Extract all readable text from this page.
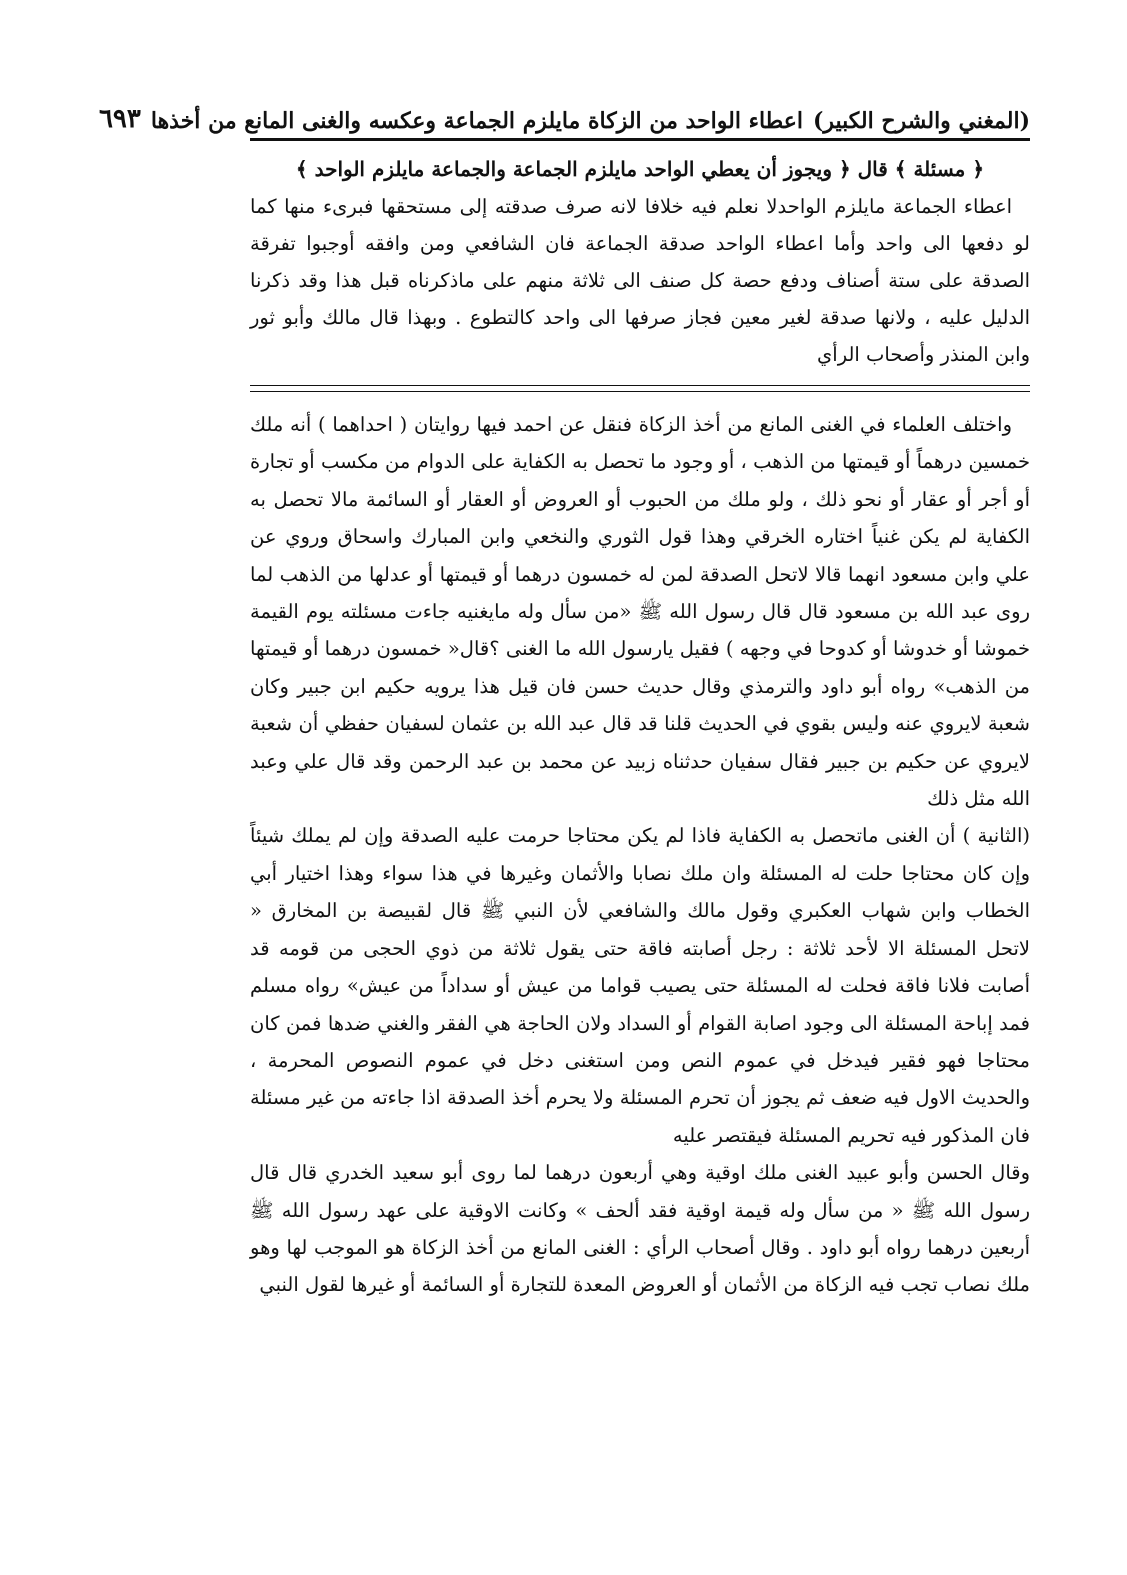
(المغني والشرح الكبير)
اعطاء الواحد من الزكاة مايلزم الجماعة وعكسه والغنى المانع من أخذها
٦٩٣
﴿ مسئلة ﴾ قال ﴿ ويجوز أن يعطي الواحد مايلزم الجماعة والجماعة مايلزم الواحد ﴾

اعطاء الجماعة مايلزم الواحدلا نعلم فيه خلافا لانه صرف صدقته إلى مستحقها فبرىء منها كما لو دفعها الى واحد وأما اعطاء الواحد صدقة الجماعة فان الشافعي ومن وافقه أوجبوا تفرقة الصدقة على ستة أصناف ودفع حصة كل صنف الى ثلاثة منهم على ماذكرناه قبل هذا وقد ذكرنا الدليل عليه ، ولانها صدقة لغير معين فجاز صرفها الى واحد كالتطوع . وبهذا قال مالك وأبو ثور وابن المنذر وأصحاب الرأي

واختلف العلماء في الغنى المانع من أخذ الزكاة فنقل عن احمد فيها روايتان ( احداهما ) أنه ملك خمسين درهماً أو قيمتها من الذهب ، أو وجود ما تحصل به الكفاية على الدوام من مكسب أو تجارة أو أجر أو عقار أو نحو ذلك ، ولو ملك من الحبوب أو العروض أو العقار أو السائمة مالا تحصل به الكفاية لم يكن غنياً اختاره الخرقي وهذا قول الثوري والنخعي وابن المبارك واسحاق وروي عن علي وابن مسعود انهما قالا لاتحل الصدقة لمن له خمسون درهما أو قيمتها أو عدلها من الذهب لما روى عبد الله بن مسعود قال قال رسول الله ﷺ «من سأل وله مايغنيه جاءت مسئلته يوم القيمة خموشا أو خدوشا أو كدوحا في وجهه ) فقيل يارسول الله ما الغنى ؟قال« خمسون درهما أو قيمتها من الذهب» رواه أبو داود والترمذي وقال حديث حسن فان قيل هذا يرويه حكيم ابن جبير وكان شعبة لايروي عنه وليس بقوي في الحديث قلنا قد قال عبد الله بن عثمان لسفيان حفظي أن شعبة لايروي عن حكيم بن جبير فقال سفيان حدثناه زبيد عن محمد بن عبد الرحمن وقد قال علي وعبد الله مثل ذلك

(الثانية ) أن الغنى ماتحصل به الكفاية فاذا لم يكن محتاجا حرمت عليه الصدقة وإن لم يملك شيئاً وإن كان محتاجا حلت له المسئلة وان ملك نصابا والأثمان وغيرها في هذا سواء وهذا اختيار أبي الخطاب وابن شهاب العكبري وقول مالك والشافعي لأن النبي ﷺ قال لقبيصة بن المخارق « لاتحل المسئلة الا لأحد ثلاثة : رجل أصابته فاقة حتى يقول ثلاثة من ذوي الحجى من قومه قد أصابت فلانا فاقة فحلت له المسئلة حتى يصيب قواما من عيش أو سداداً من عيش» رواه مسلم فمد إباحة المسئلة الى وجود اصابة القوام أو السداد ولان الحاجة هي الفقر والغني ضدها فمن كان محتاجا فهو فقير فيدخل في عموم النص ومن استغنى دخل في عموم النصوص المحرمة ، والحديث الاول فيه ضعف ثم يجوز أن تحرم المسئلة ولا يحرم أخذ الصدقة اذا جاءته من غير مسئلة فان المذكور فيه تحريم المسئلة فيقتصر عليه

وقال الحسن وأبو عبيد الغنى ملك اوقية وهي أربعون درهما لما روى أبو سعيد الخدري قال قال رسول الله ﷺ « من سأل وله قيمة اوقية فقد ألحف » وكانت الاوقية على عهد رسول الله ﷺ أربعين درهما رواه أبو داود . وقال أصحاب الرأي : الغنى المانع من أخذ الزكاة هو الموجب لها وهو ملك نصاب تجب فيه الزكاة من الأثمان أو العروض المعدة للتجارة أو السائمة أو غيرها لقول النبي
